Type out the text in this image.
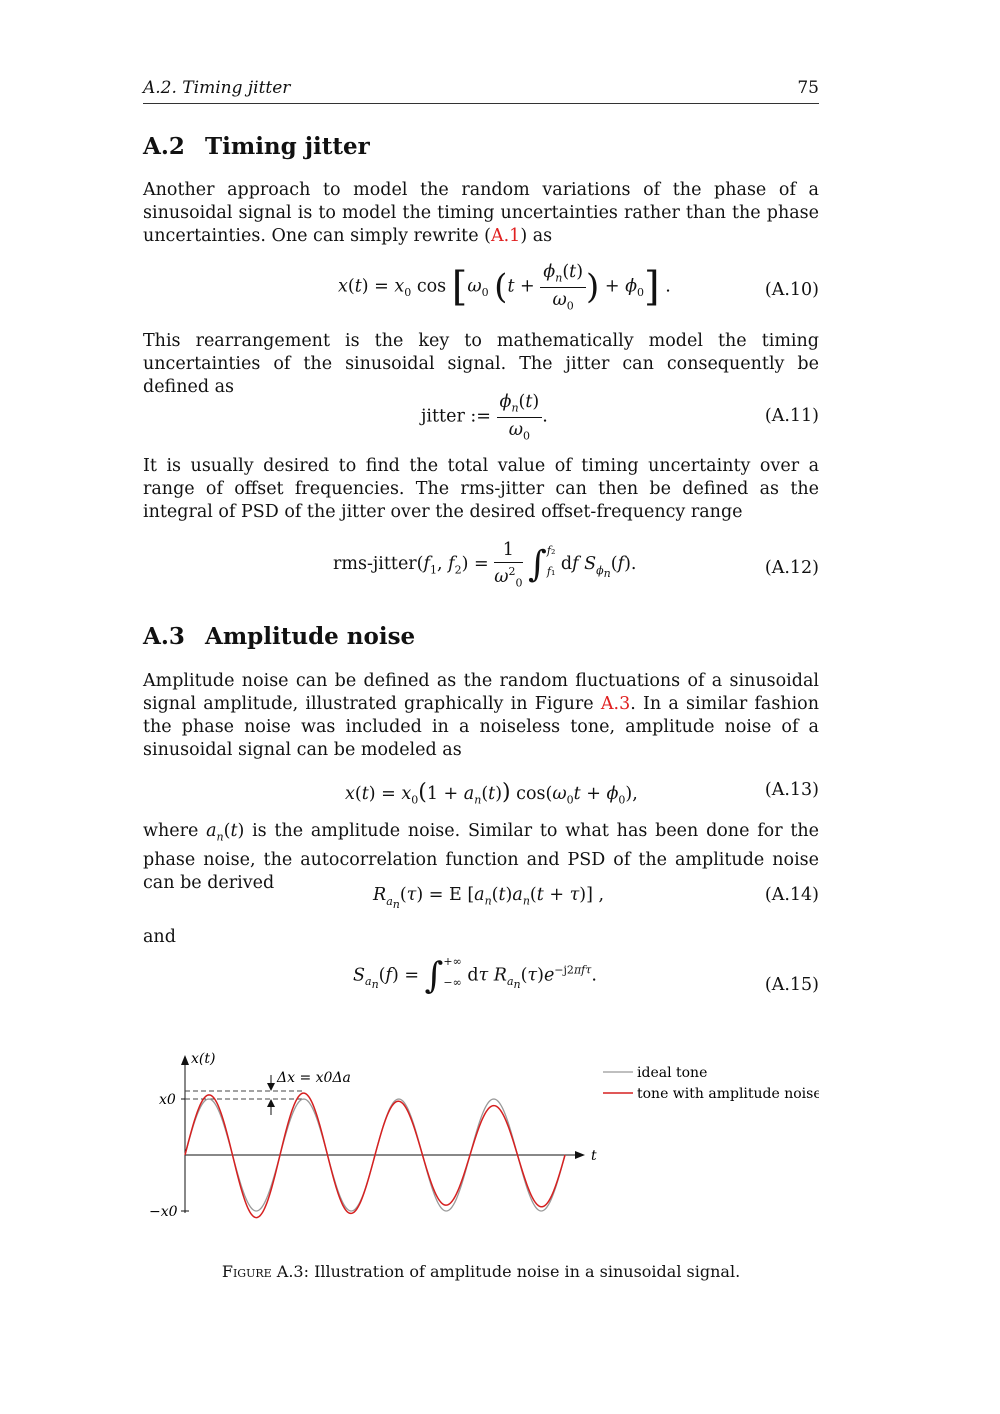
A.2. Timing jitter	75
A.2 Timing jitter
Another approach to model the random variations of the phase of a sinusoidal signal is to model the timing uncertainties rather than the phase uncertainties. One can simply rewrite (A.1) as
$x(t) = x_0$ $\cos [\omega_0$ ($t + \frac{\phi_n(t)}{\omega_0}$ ) + $\phi_0$] .	(A.10)
This rearrangement is the key to mathematically model the timing uncertainties of the sinusoidal signal. The jitter can consequently be defined as
jitter := $\frac{\phi_n(t)}{\omega_0}$ .	(A.11)
It is usually desired to find the total value of timing uncertainty over a range of offset frequencies. The rms-jitter can then be defined as the integral of PSD of the jitter over the desired offset-frequency range
rms-$jitter(f_1$, $f_2) = \frac{1}{\omega^2_0}$ ∫ f₂
f₁ df $S_{\phi_n}(f)$.	(A.12)
A.3 Amplitude noise
Amplitude noise can be defined as the random fluctuations of a sinusoidal signal amplitude, illustrated graphically in Figure A.3. In a similar fashion the phase noise was included in a noiseless tone, amplitude noise of a sinusoidal signal can be modeled as
$x(t) = x_0(1 + a_n(t)) \cos(\omega_0t + \phi_0)$,	(A.13)
where $a_n(t)$ is the amplitude noise. Similar to what has been done for the phase noise, the autocorrelation function and PSD of the amplitude noise can be derived
$R_{a_n}(\tau) = E$ $[a_n(t)a_n(t + \tau)]$ ,	(A.14)
and
$S_{a_n}(f)$ = ∫ +∞
−∞ dτ $R_{a_n}(\tau)e^{-j2\pi f\tau}$.	(A.15)
x(t)
t
x0
−x0
Δx = x0Δa	ideal tone
tone with amplitude noise
Figure A.3: Illustration of amplitude noise in a sinusoidal signal.
